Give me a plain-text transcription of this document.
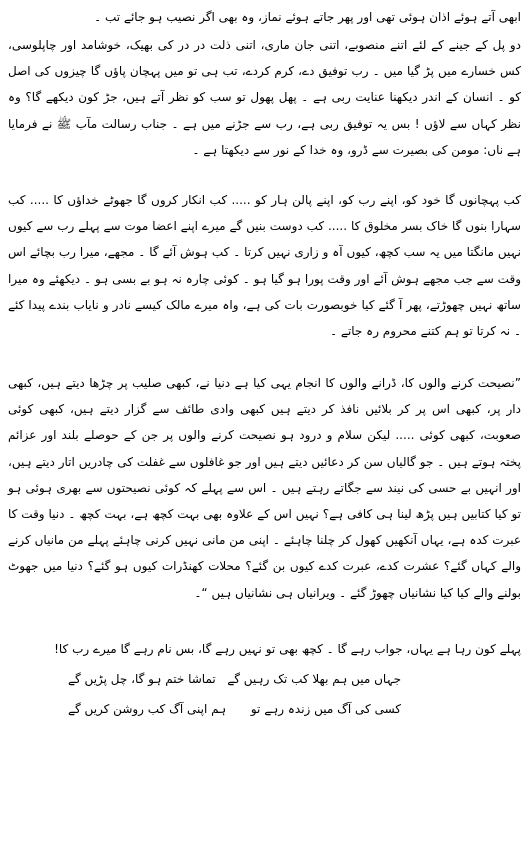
ابھی آتے ہوئے اذان ہوئی تھی اور پھر جاتے ہوئے نماز، وہ بھی اگر نصیب ہو جائے تب ۔

دو پل کے جینے کے لئے اتنے منصوبے، اتنی جان ماری، اتنی ذلت در در کی بھیک، خوشامد اور چاپلوسی، کس خسارے میں پڑ گیا میں ۔ رب توفیق دے، کرم کردے، تب ہی تو میں پہچان پاؤں گا چیزوں کی اصل کو ۔ انسان کے اندر دیکھنا عنایت ربی ہے ۔ پھل پھول تو سب کو نظر آتے ہیں، جڑ کون دیکھے گا؟ وہ نظر کہاں سے لاؤں ! بس یہ توفیق ربی ہے، رب سے جڑنے میں ہے ۔ جناب رسالت مآب ﷺ نے فرمایا ہے ناں: مومن کی بصیرت سے ڈرو، وہ خدا کے نور سے دیکھتا ہے ۔

کب پہچانوں گا خود کو، اپنے رب کو، اپنے پالن ہار کو ..... کب انکار کروں گا جھوٹے خداؤں کا ..... کب سہارا بنوں گا خاک بسر مخلوق کا ..... کب دوست بنیں گے میرے اپنے اعضا موت سے پہلے رب سے کیوں نہیں مانگتا میں یہ سب کچھ، کیوں آہ و زاری نہیں کرتا ۔ کب ہوش آئے گا ۔ مجھے، میرا رب بچائے اس وقت سے جب مجھے ہوش آئے اور وقت پورا ہو گیا ہو ۔ کوئی چارہ نہ ہو بے بسی ہو ۔ دیکھئے وہ میرا ساتھ نہیں چھوڑتے، پھر آ گئے کیا خوبصورت بات کی ہے، واہ میرے مالک کیسے نادر و نایاب بندے پیدا کئے ۔ نہ کرتا تو ہم کتنے محروم رہ جاتے ۔

”نصیحت کرنے والوں کا، ڈرانے والوں کا انجام یہی کیا ہے دنیا نے، کبھی صلیب پر چڑھا دیتے ہیں، کبھی دار پر، کبھی اس پر کر بلائیں نافذ کر دیتے ہیں کبھی وادی طائف سے گزار دیتے ہیں، کبھی کوئی صعوبت، کبھی کوئی ..... لیکن سلام و درود ہو نصیحت کرنے والوں پر جن کے حوصلے بلند اور عزائم پختہ ہوتے ہیں ۔ جو گالیاں سن کر دعائیں دیتے ہیں اور جو غافلوں سے غفلت کی چادریں اتار دیتے ہیں، اور انہیں بے حسی کی نیند سے جگاتے رہتے ہیں ۔ اس سے پہلے کہ کوئی نصیحتوں سے بھری ہوئی ہو تو کیا کتابیں ہیں پڑھ لینا ہی کافی ہے؟ نہیں اس کے علاوہ بھی بہت کچھ ہے، بہت کچھ ۔ دنیا وقت کا عبرت کدہ ہے، یہاں آنکھیں کھول کر چلنا چاہئے ۔ اپنی من مانی نہیں کرنی چاہئے پہلے من مانیاں کرنے والے کہاں گئے؟ عشرت کدے، عبرت کدے کیوں بن گئے؟ محلات کھنڈرات کیوں ہو گئے؟ دنیا میں جھوٹ بولنے والے کیا کیا نشانیاں چھوڑ گئے ۔ ویرانیاں ہی نشانیاں ہیں “۔

پہلے کون رہا ہے یہاں، جواب رہے گا ۔ کچھ بھی تو نہیں رہے گا، بس نام رہے گا میرے رب کا!

جہاں میں ہم بھلا کب تک رہیں گے
تماشا ختم ہو گا، چل پڑیں گے
کسی کی آگ میں زندہ رہے تو
ہم اپنی آگ کب روشن کریں گے
